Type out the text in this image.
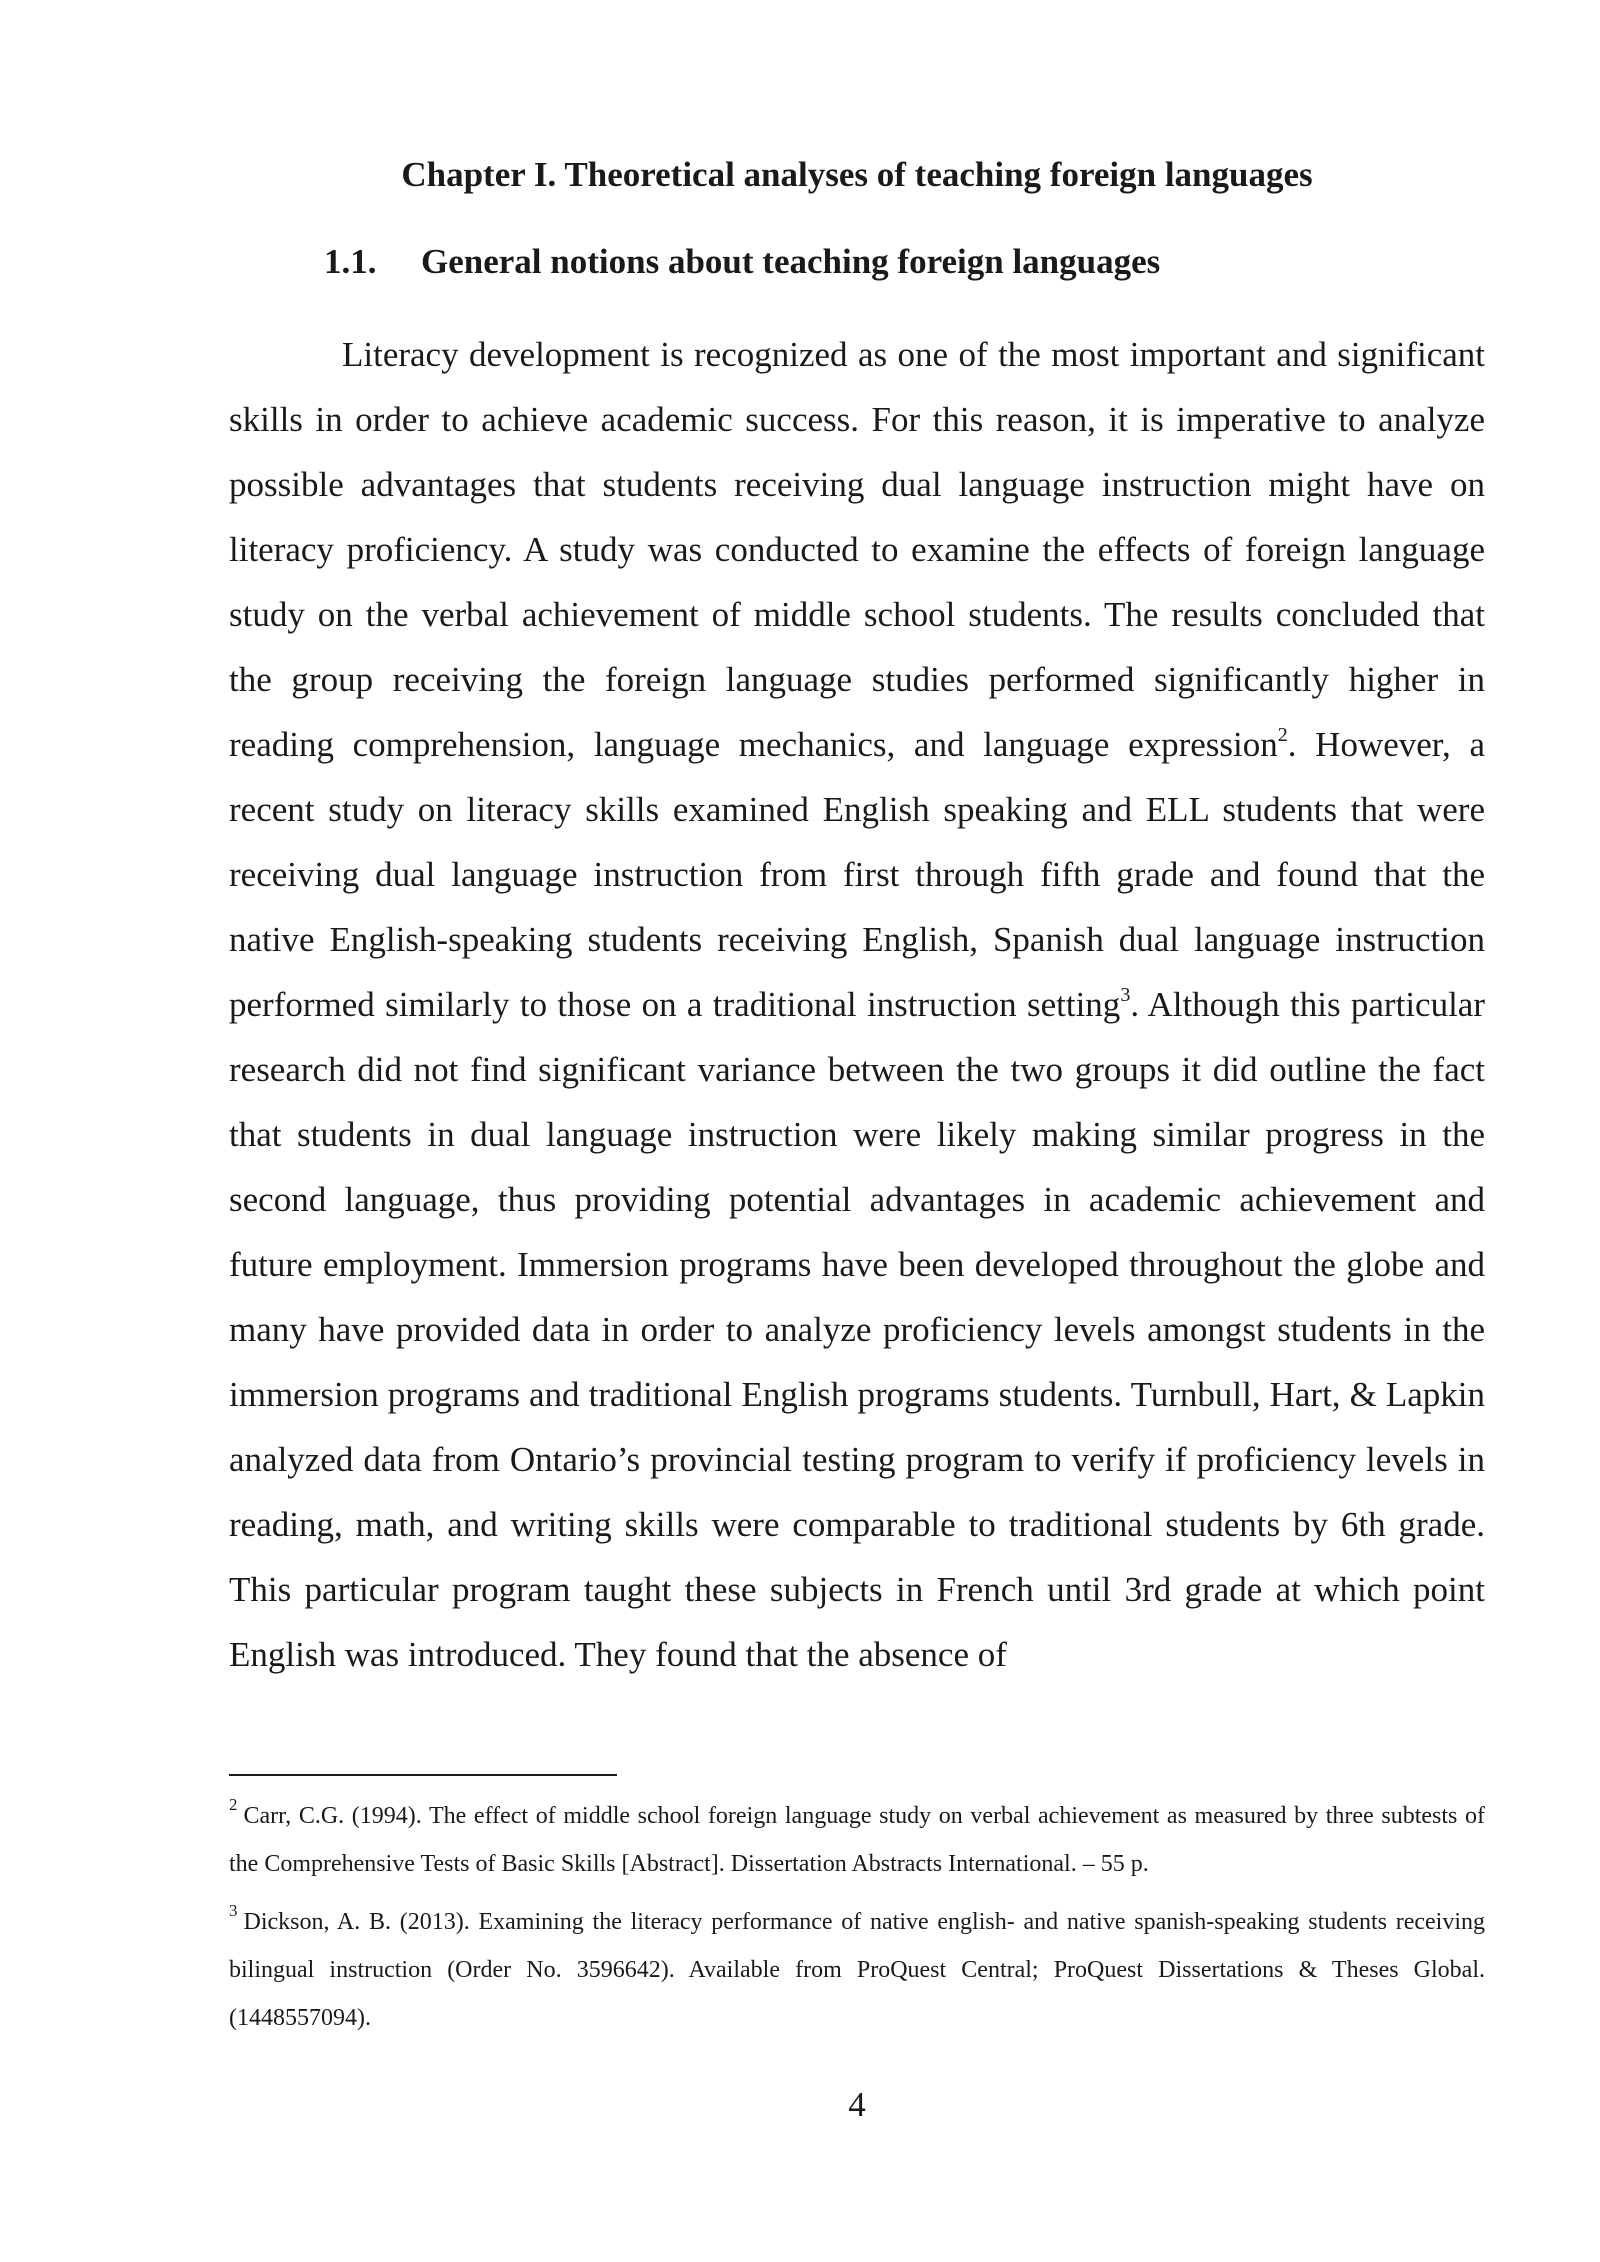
Chapter I. Theoretical analyses of teaching foreign languages
1.1. General notions about teaching foreign languages

Literacy development is recognized as one of the most important and significant skills in order to achieve academic success. For this reason, it is imperative to analyze possible advantages that students receiving dual language instruction might have on literacy proficiency. A study was conducted to examine the effects of foreign language study on the verbal achievement of middle school students. The results concluded that the group receiving the foreign language studies performed significantly higher in reading comprehension, language mechanics, and language expression$^2$. However, a recent study on literacy skills examined English speaking and ELL students that were receiving dual language instruction from first through fifth grade and found that the native English-speaking students receiving English, Spanish dual language instruction performed similarly to those on a traditional instruction setting$^3$. Although this particular research did not find significant variance between the two groups it did outline the fact that students in dual language instruction were likely making similar progress in the second language, thus providing potential advantages in academic achievement and future employment. Immersion programs have been developed throughout the globe and many have provided data in order to analyze proficiency levels amongst students in the immersion programs and traditional English programs students. Turnbull, Hart, & Lapkin analyzed data from Ontario’s provincial testing program to verify if proficiency levels in reading, math, and writing skills were comparable to traditional students by 6th grade. This particular program taught these subjects in French until 3rd grade at which point English was introduced. They found that the absence of

$^2$ Carr, C.G. (1994). The effect of middle school foreign language study on verbal achievement as measured by three subtests of the Comprehensive Tests of Basic Skills [Abstract]. Dissertation Abstracts International. – 55 p.

$^3$ Dickson, A. B. (2013). Examining the literacy performance of native english- and native spanish-speaking students receiving bilingual instruction (Order No. 3596642). Available from ProQuest Central; ProQuest Dissertations & Theses Global. (1448557094).

4
